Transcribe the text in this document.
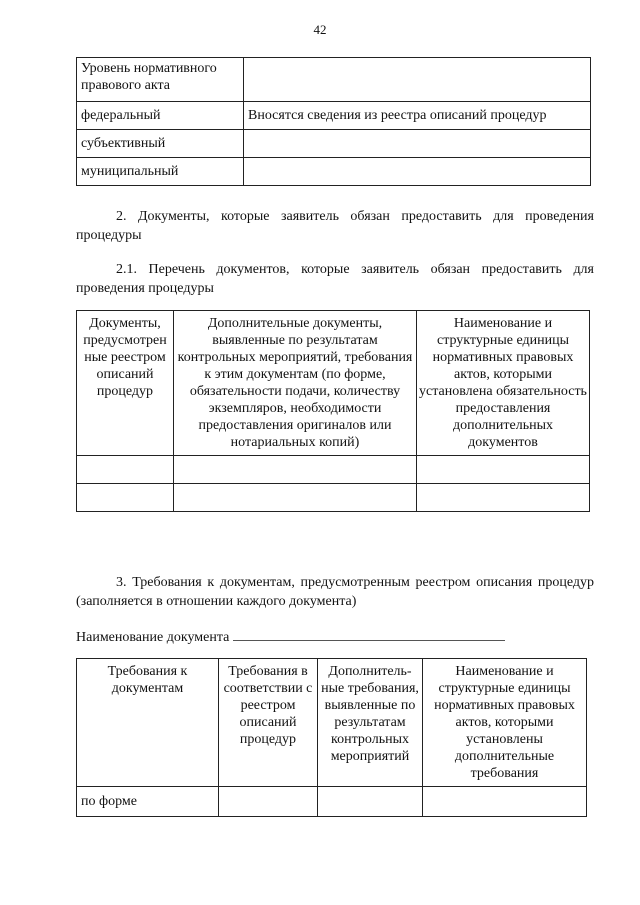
42
Уровень нормативного правового акта	
федеральный	Вносятся сведения из реестра описаний процедур
субъективный	
муниципальный	
2. Документы, которые заявитель обязан предоставить для проведения процедуры
2.1. Перечень документов, которые заявитель обязан предоставить для проведения процедуры
Документы, предусмотрен ные реестром описаний процедур	Дополнительные документы, выявленные по результатам контрольных мероприятий, требования к этим документам (по форме, обязательности подачи, количеству экземпляров, необходимости предоставления оригиналов или нотариальных копий)	Наименование и структурные единицы нормативных правовых актов, которыми установлена обязательность предоставления дополнительных документов

3. Требования к документам, предусмотренным реестром описания процедур (заполняется в отношении каждого документа)
Наименование документа
Требования к документам	Требования в соответствии с реестром описаний процедур	Дополнитель-ные требования, выявленные по результатам контрольных мероприятий	Наименование и структурные единицы нормативных правовых актов, которыми установлены дополнительные требования
по форме			
